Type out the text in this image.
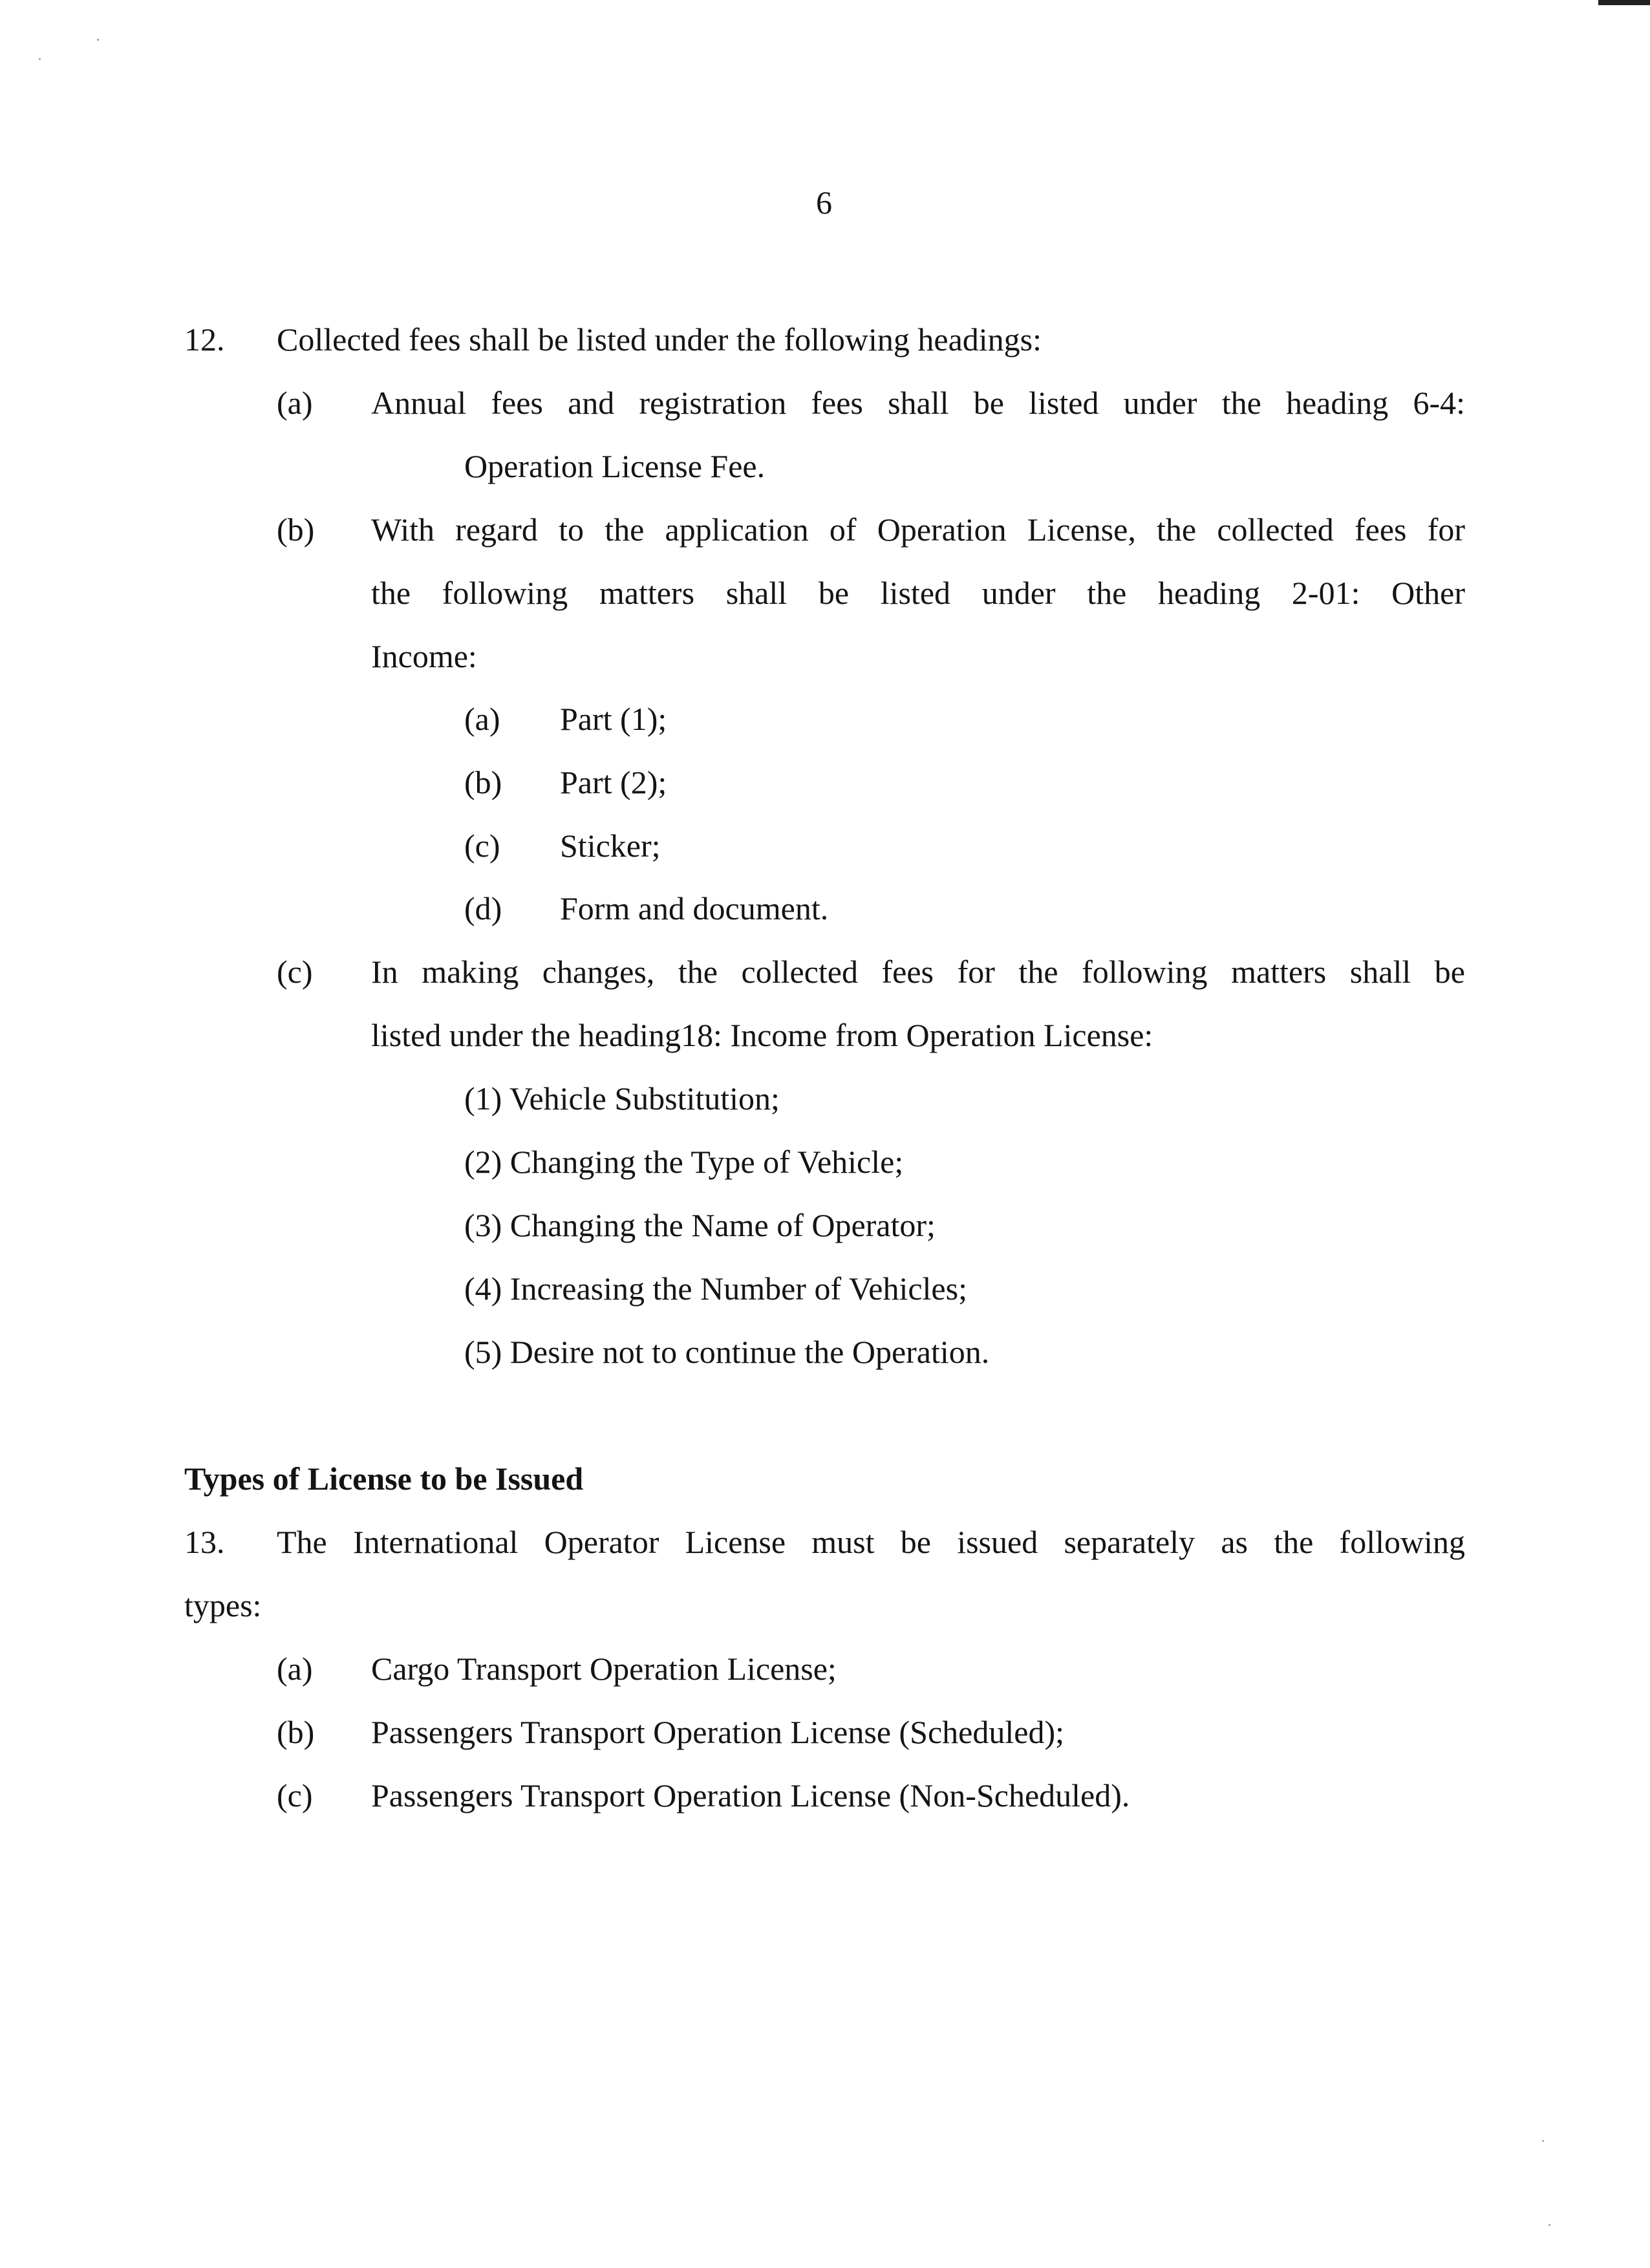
6
12. Collected fees shall be listed under the following headings:
(a) Annual fees and registration fees shall be listed under the heading 6-4:
Operation License Fee.
(b) With regard to the application of Operation License, the collected fees for
the following matters shall be listed under the heading 2-01: Other
Income:
(a) Part (1);
(b) Part (2);
(c) Sticker;
(d) Form and document.
(c) In making changes, the collected fees for the following matters shall be
listed under the heading18: Income from Operation License:
(1) Vehicle Substitution;
(2) Changing the Type of Vehicle;
(3) Changing the Name of Operator;
(4) Increasing the Number of Vehicles;
(5) Desire not to continue the Operation.
Types of License to be Issued
13. The International Operator License must be issued separately as the following
types:
(a) Cargo Transport Operation License;
(b) Passengers Transport Operation License (Scheduled);
(c) Passengers Transport Operation License (Non-Scheduled).
